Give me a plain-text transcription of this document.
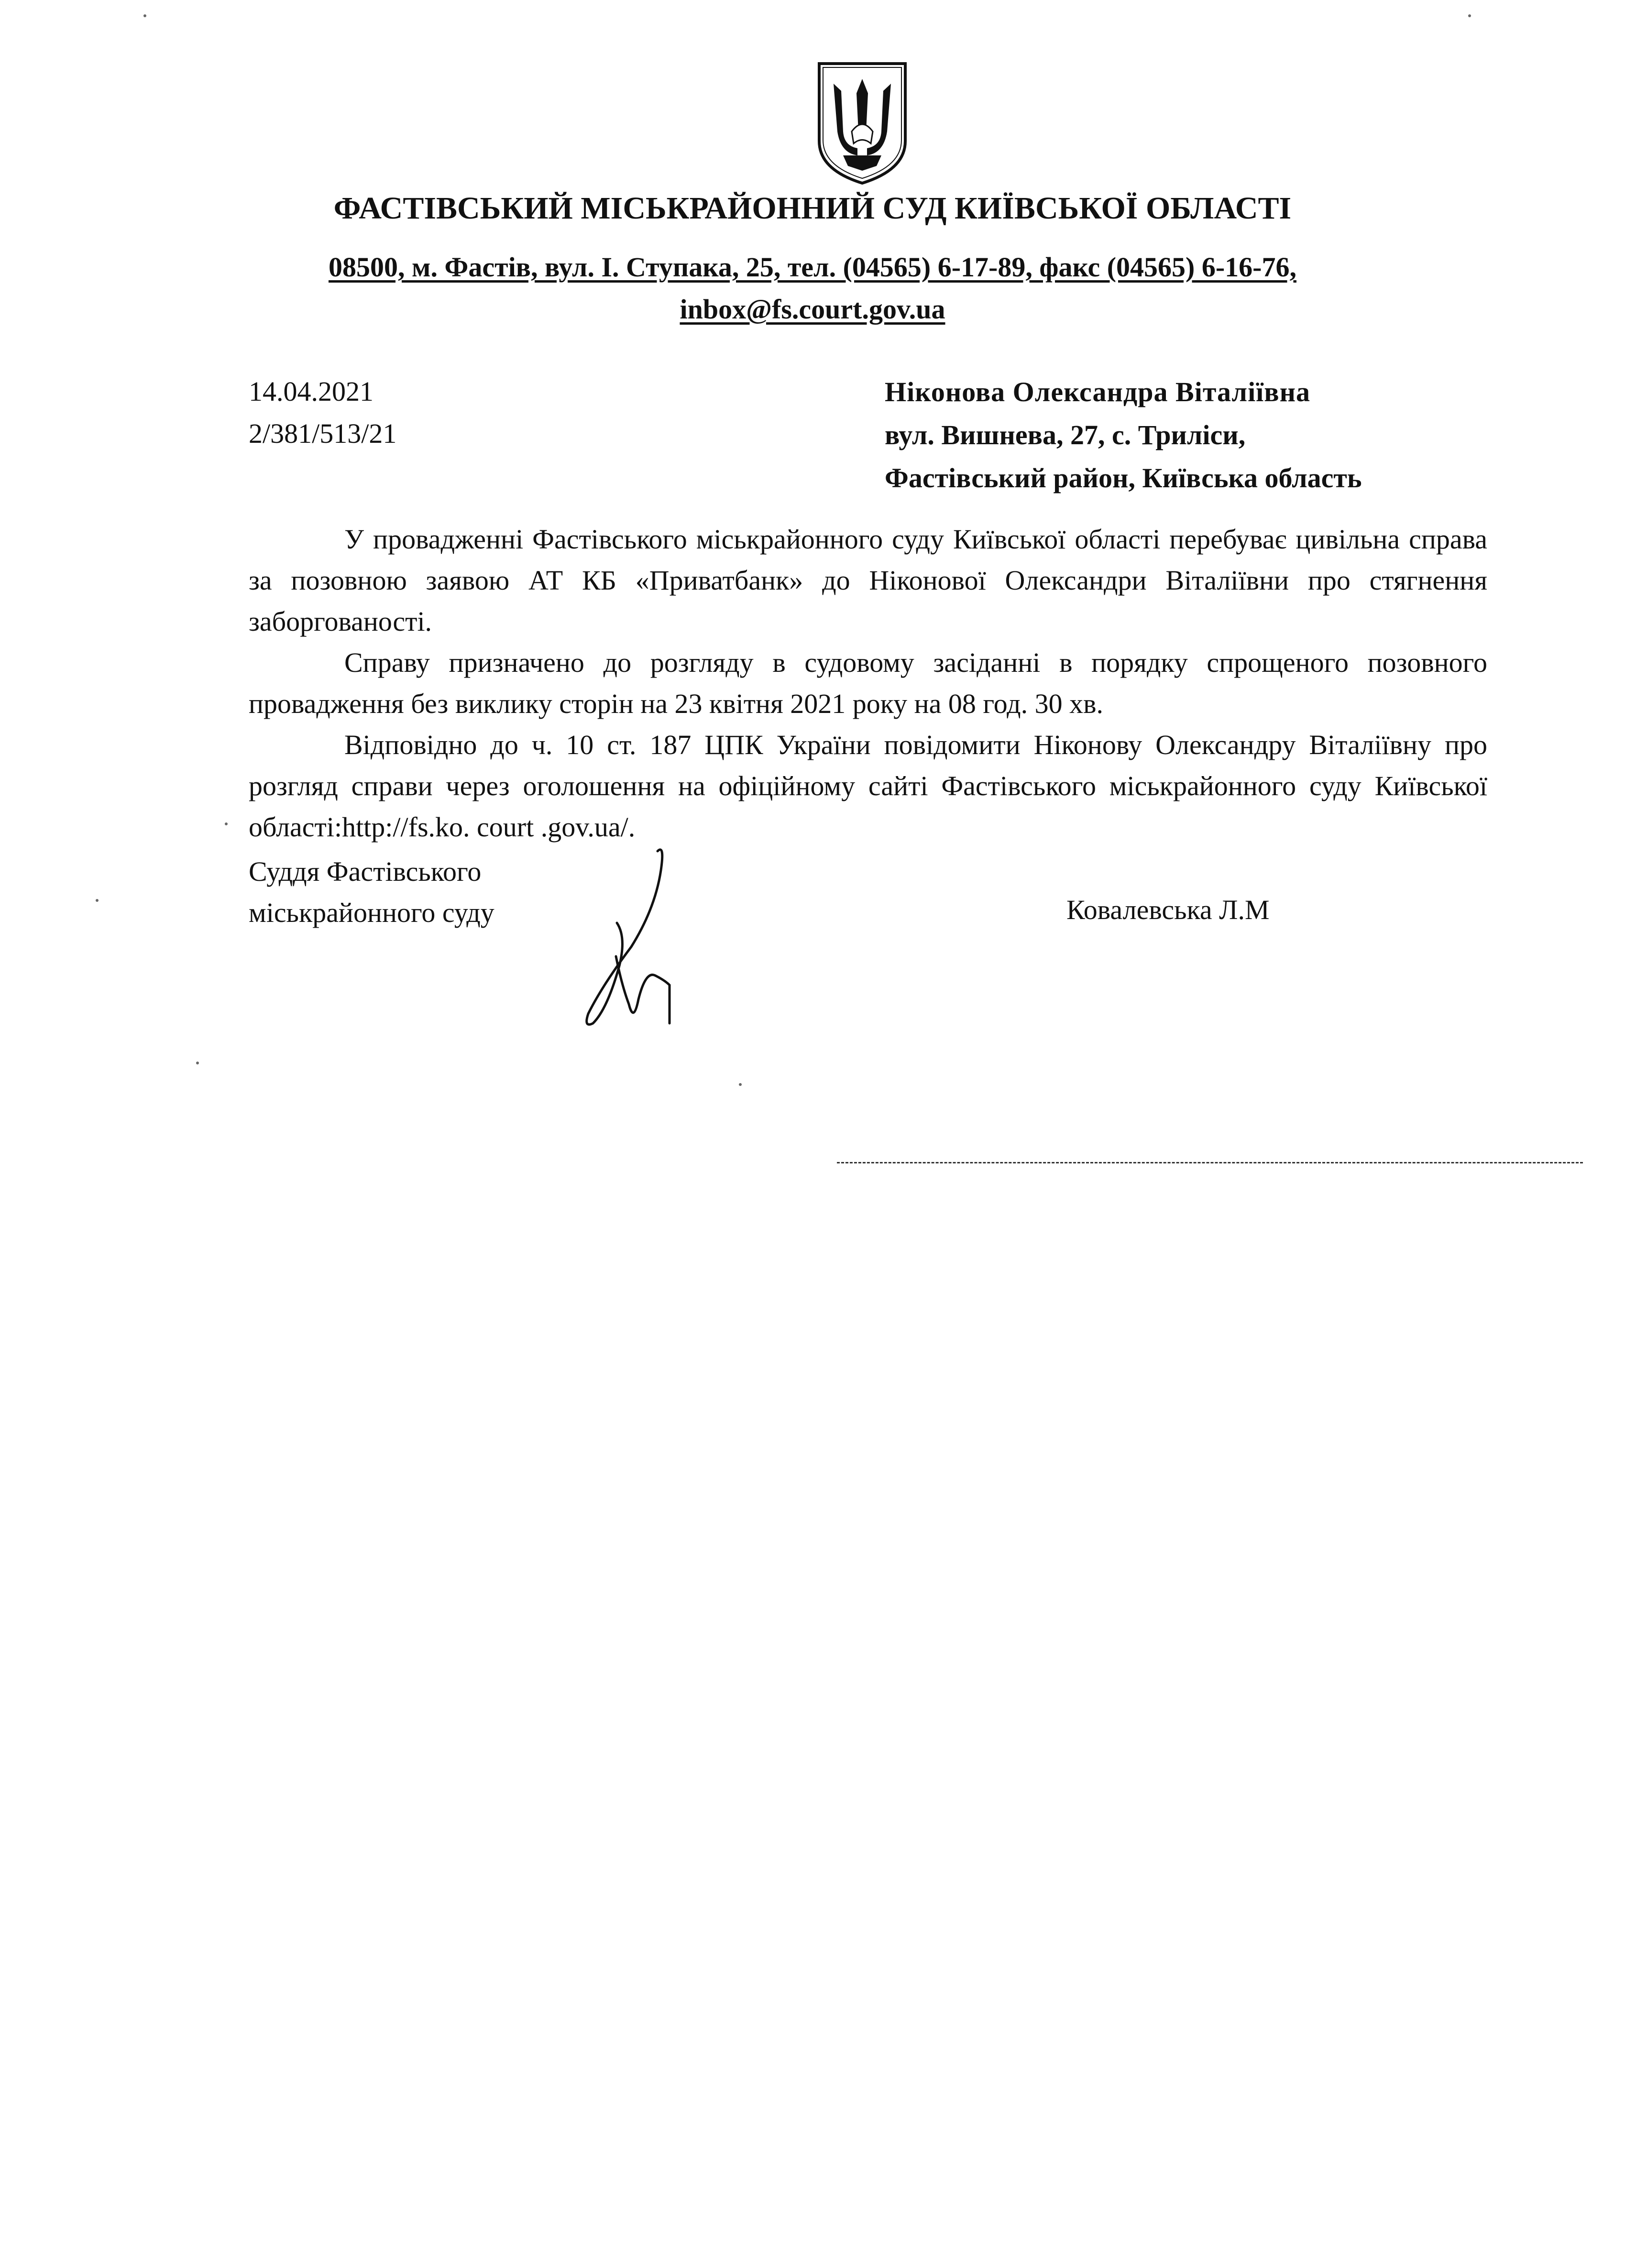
ФАСТІВСЬКИЙ МІСЬКРАЙОННИЙ СУД КИЇВСЬКОЇ ОБЛАСТІ
08500, м. Фастів, вул. І. Ступака, 25, тел. (04565) 6-17-89, факс (04565) 6-16-76,
inbox@fs.court.gov.ua
14.04.2021
2/381/513/21
Ніконова Олександра Віталіївна
вул. Вишнева, 27, с. Триліси,
Фастівський район, Київська область

У провадженні Фастівського міськрайонного суду Київської області перебуває цивільна справа за позовною заявою АТ КБ «Приватбанк» до Ніконової Олександри Віталіївни про стягнення заборгованості.

Справу призначено до розгляду в судовому засіданні в порядку спрощеного позовного провадження без виклику сторін на 23 квітня 2021 року на 08 год. 30 хв.

Відповідно до ч. 10 ст. 187 ЦПК України повідомити Ніконову Олександру Віталіївну про розгляд справи через оголошення на офіційному сайті Фастівського міськрайонного суду Київської області:http://fs.ko. court .gov.ua/.

Суддя Фастівського
міськрайонного суду	Ковалевська Л.М
